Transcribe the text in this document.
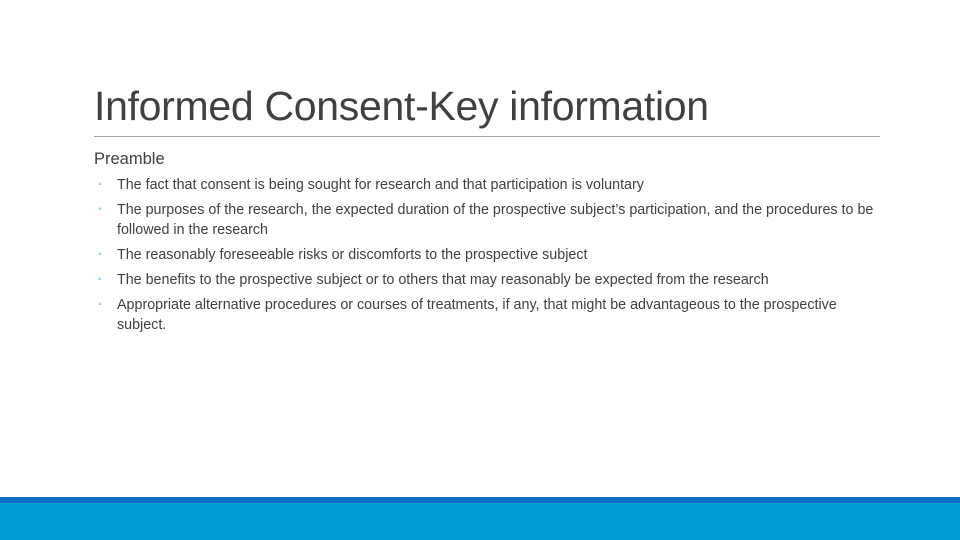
Informed Consent-Key information
Preamble
◦ The fact that consent is being sought for research and that participation is voluntary
◦ The purposes of the research, the expected duration of the prospective subject’s participation, and the procedures to be followed in the research
◦ The reasonably foreseeable risks or discomforts to the prospective subject
◦ The benefits to the prospective subject or to others that may reasonably be expected from the research
◦ Appropriate alternative procedures or courses of treatments, if any, that might be advantageous to the prospective subject.
